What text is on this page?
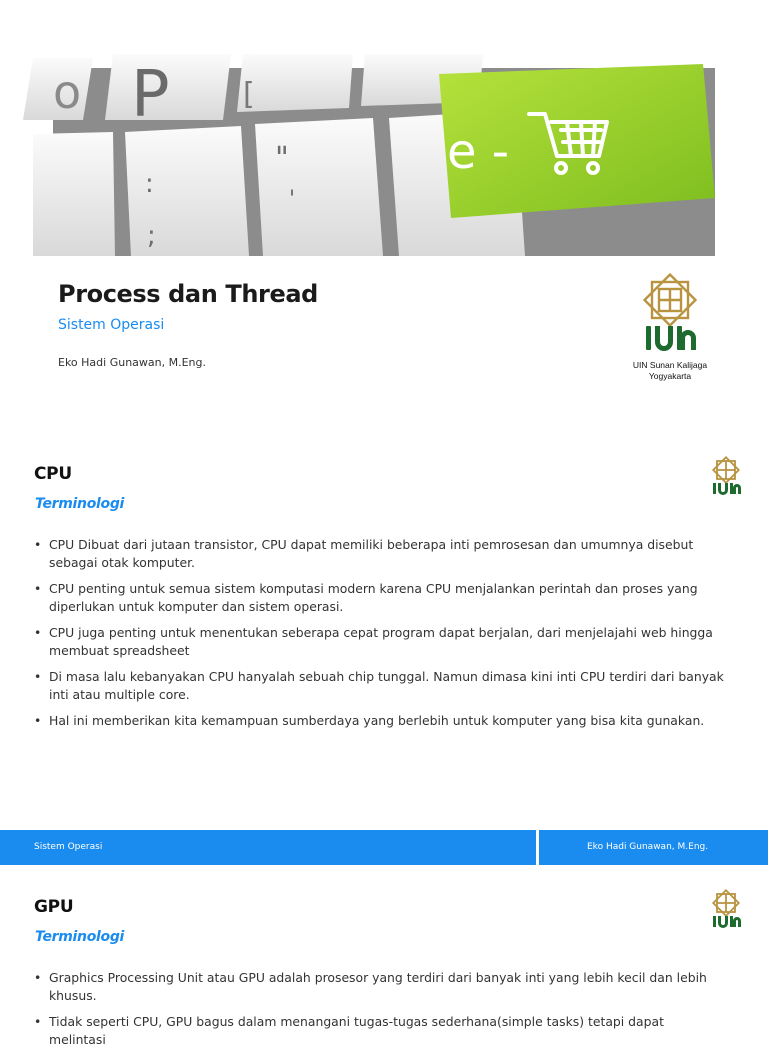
P [
"
'
:
;
o
e -
Process dan Thread
Sistem Operasi
Eko Hadi Gunawan, M.Eng.	UIN Sunan Kalijaga
Yogyakarta
CPU
Terminologi
• CPU Dibuat dari jutaan transistor, CPU dapat memiliki beberapa inti pemrosesan dan umumnya disebut sebagai otak komputer.
• CPU penting untuk semua sistem komputasi modern karena CPU menjalankan perintah dan proses yang diperlukan untuk komputer dan sistem operasi.
• CPU juga penting untuk menentukan seberapa cepat program dapat berjalan, dari menjelajahi web hingga membuat spreadsheet
• Di masa lalu kebanyakan CPU hanyalah sebuah chip tunggal. Namun dimasa kini inti CPU terdiri dari banyak inti atau multiple core.
• Hal ini memberikan kita kemampuan sumberdaya yang berlebih untuk komputer yang bisa kita gunakan.
Sistem Operasi	Eko Hadi Gunawan, M.Eng.
GPU
Terminologi
• Graphics Processing Unit atau GPU adalah prosesor yang terdiri dari banyak inti yang lebih kecil dan lebih khusus.
• Tidak seperti CPU, GPU bagus dalam menangani tugas-tugas sederhana(simple tasks) tetapi dapat melintasi
